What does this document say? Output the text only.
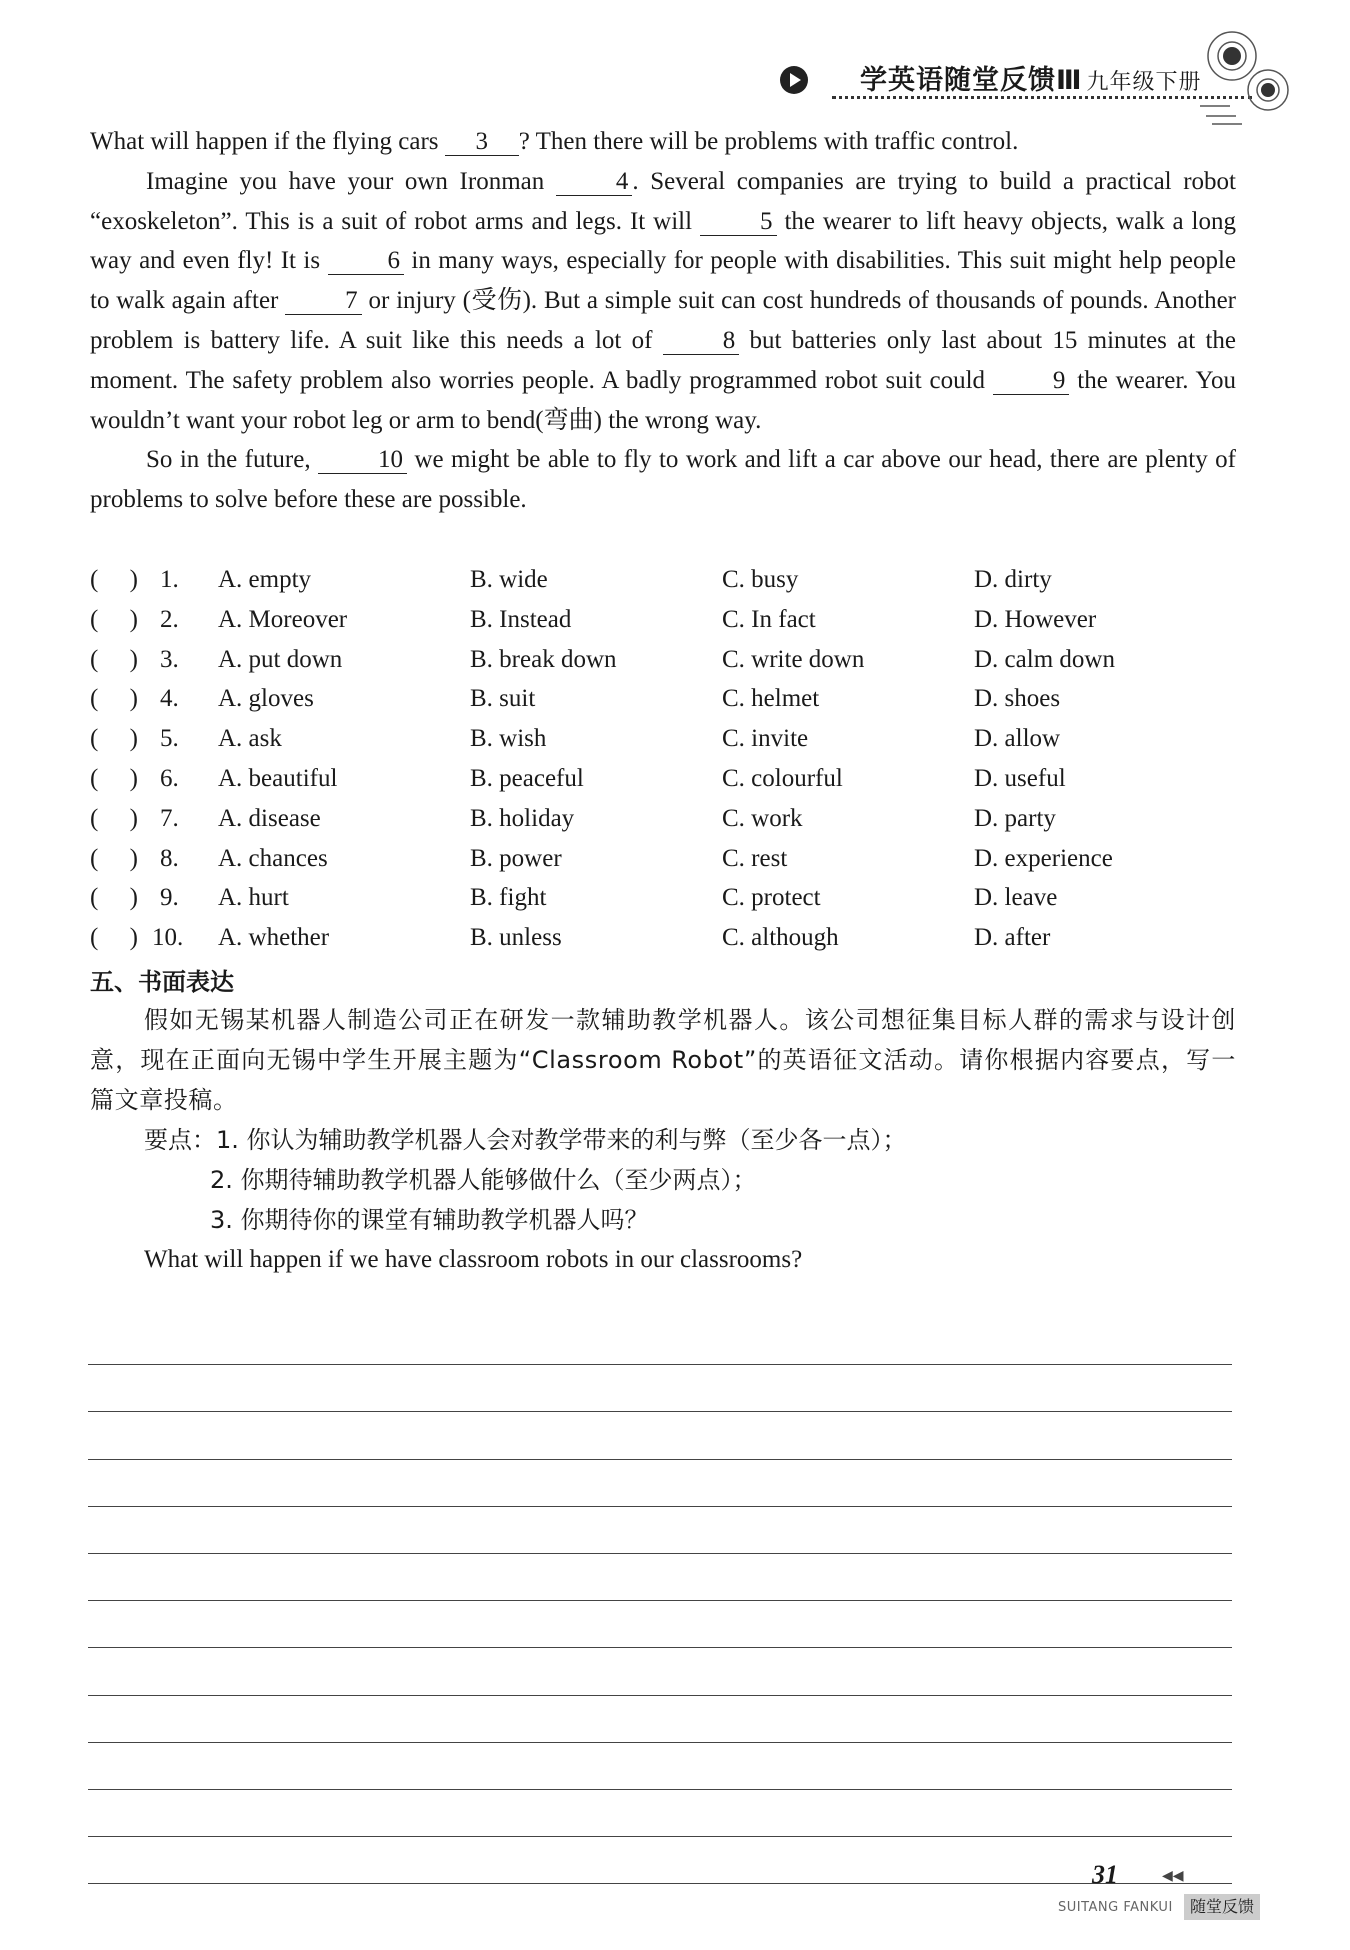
学英语随堂反馈Ⅲ 九年级下册

What will happen if the flying cars 3 ? Then there will be problems with traffic control.

Imagine you have your own Ironman 4 . Several companies are trying to build a practical robot “exoskeleton”. This is a suit of robot arms and legs. It will 5 the wearer to lift heavy objects, walk a long way and even fly! It is 6 in many ways, especially for people with disabilities. This suit might help people to walk again after 7 or injury (受伤). But a simple suit can cost hundreds of thousands of pounds. Another problem is battery life. A suit like this needs a lot of 8 but batteries only last about 15 minutes at the moment. The safety problem also worries people. A badly programmed robot suit could 9 the wearer. You wouldn’t want your robot leg or arm to bend(弯曲) the wrong way.

So in the future, 10 we might be able to fly to work and lift a car above our head, there are plenty of problems to solve before these are possible.

(     ) 1. A. empty	B. wide	C. busy	D. dirty
(     ) 2. A. Moreover	B. Instead	C. In fact	D. However
(     ) 3. A. put down	B. break down	C. write down	D. calm down
(     ) 4. A. gloves	B. suit	C. helmet	D. shoes
(     ) 5. A. ask	B. wish	C. invite	D. allow
(     ) 6. A. beautiful	B. peaceful	C. colourful	D. useful
(     ) 7. A. disease	B. holiday	C. work	D. party
(     ) 8. A. chances	B. power	C. rest	D. experience
(     ) 9. A. hurt	B. fight	C. protect	D. leave
(     ) 10. A. whether	B. unless	C. although	D. after
五、书面表达

假如无锡某机器人制造公司正在研发一款辅助教学机器人。该公司想征集目标人群的需求与设计创意，现在正面向无锡中学生开展主题为“Classroom Robot”的英语征文活动。请你根据内容要点，写一篇文章投稿。

要点：1. 你认为辅助教学机器人会对教学带来的利与弊（至少各一点）；

2. 你期待辅助教学机器人能够做什么（至少两点）；

3. 你期待你的课堂有辅助教学机器人吗？

What will happen if we have classroom robots in our classrooms?

31	◀◀
SUITANG FANKUI	随堂反馈
